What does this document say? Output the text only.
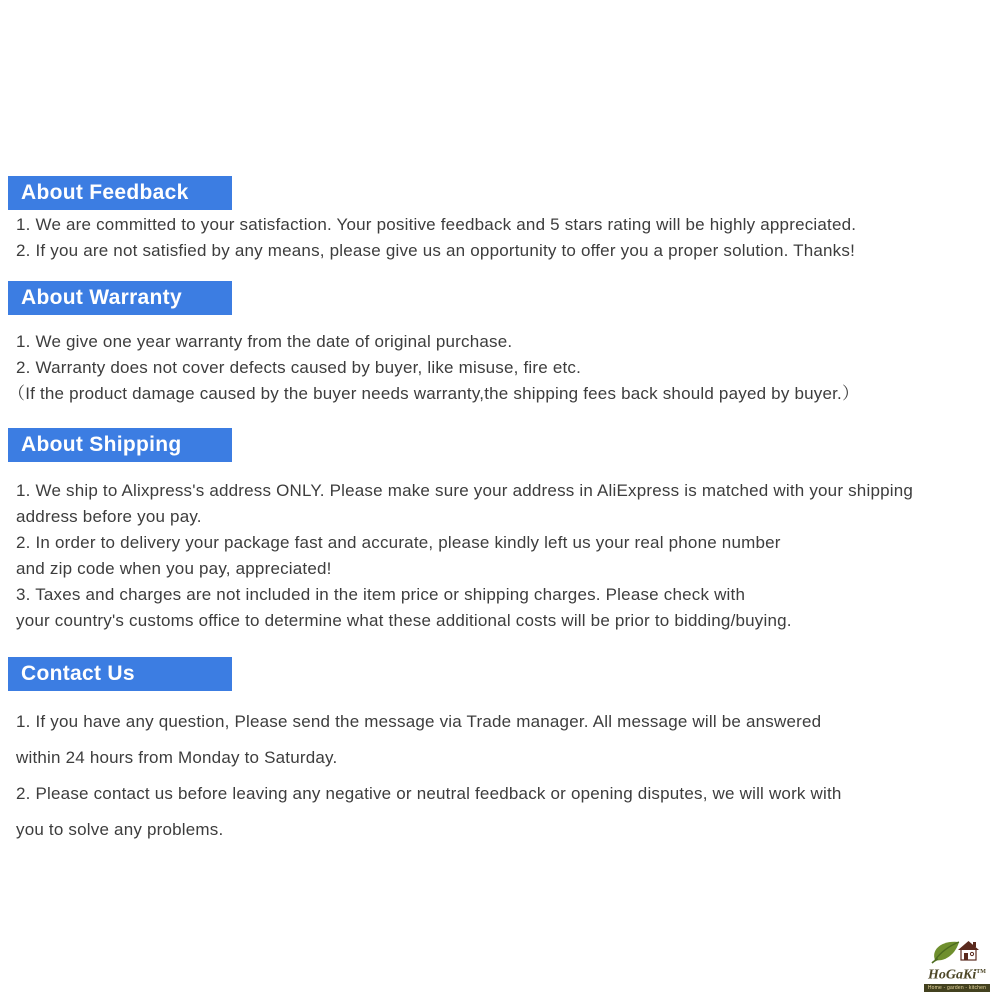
About Feedback
1. We are committed to your satisfaction. Your positive feedback and 5 stars rating will be highly appreciated.
2. If you are not satisfied by any means, please give us an opportunity to offer you a proper solution. Thanks!
About Warranty
1. We give one year warranty from the date of original purchase.
2. Warranty does not cover defects caused by buyer, like misuse, fire etc.
（If the product damage caused by the buyer needs warranty,the shipping fees back should payed by buyer.）
About Shipping
1. We ship to Alixpress's address ONLY. Please make sure your address in AliExpress is matched with your shipping
address before you pay.
2. In order to delivery your package fast and accurate, please kindly left us your real phone number
and zip code when you pay, appreciated!
3. Taxes and charges are not included in the item price or shipping charges. Please check with
your country's customs office to determine what these additional costs will be prior to bidding/buying.
Contact Us
1. If you have any question, Please send the message via Trade manager. All message will be answered
within 24 hours from Monday to Saturday.
2. Please contact us before leaving any negative or neutral feedback or opening disputes, we will work with
you to solve any problems.
HoGaKi™
Home - garden - kitchen
